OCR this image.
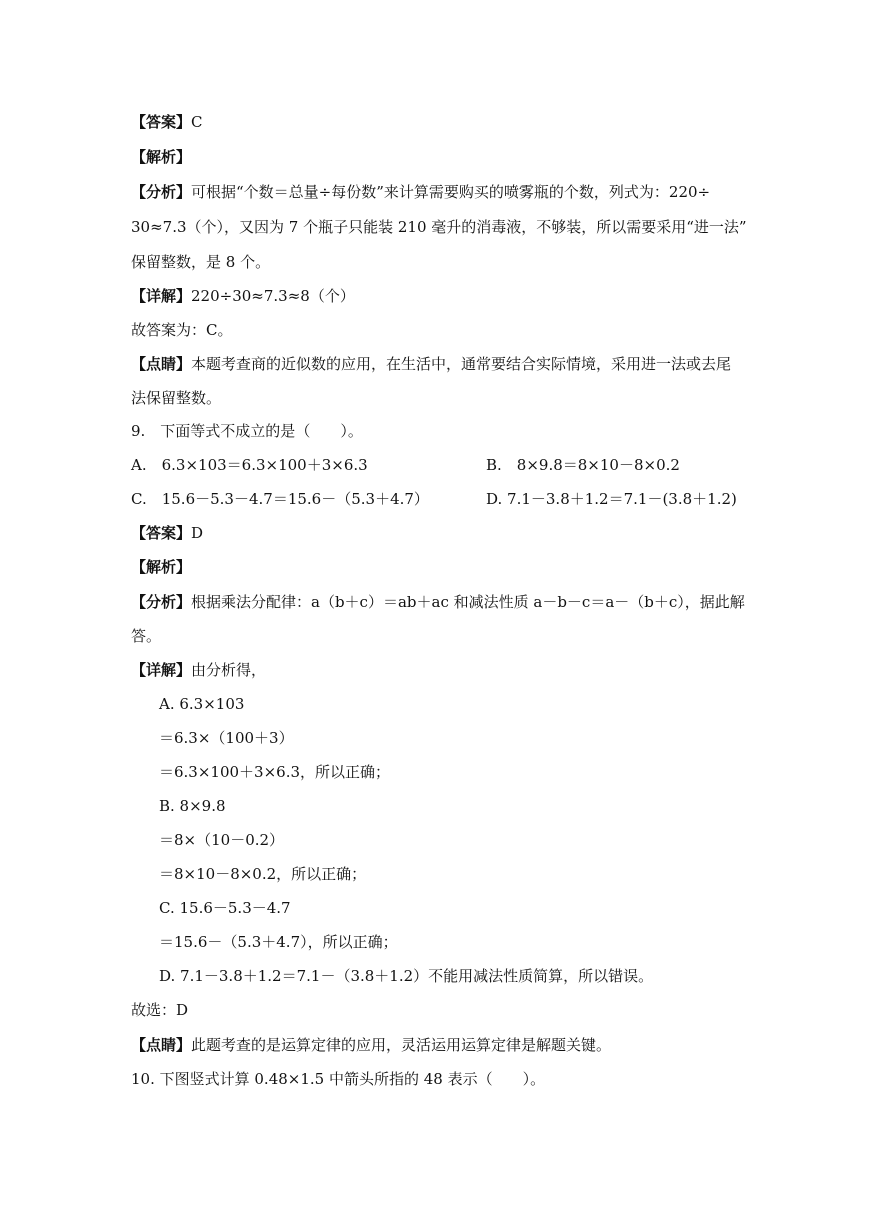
【答案】C
【解析】
【分析】可根据“个数＝总量÷每份数”来计算需要购买的喷雾瓶的个数，列式为：220÷
30≈7.3（个），又因为 7 个瓶子只能装 210 毫升的消毒液，不够装，所以需要采用“进一法”
保留整数，是 8 个。
【详解】220÷30≈7.3≈8（个）
故答案为：C。
【点睛】本题考查商的近似数的应用，在生活中，通常要结合实际情境，采用进一法或去尾
法保留整数。
9.　下面等式不成立的是（　　）。
A.　6.3×103＝6.3×100＋3×6.3	B.　8×9.8＝8×10－8×0.2
C.　15.6－5.3－4.7＝15.6－（5.3＋4.7）	D. 7.1－3.8＋1.2＝7.1－(3.8＋1.2)
【答案】D
【解析】
【分析】根据乘法分配律：a（b＋c）＝ab＋ac 和减法性质 a－b－c＝a－（b＋c），据此解
答。
【详解】由分析得，
A. 6.3×103
＝6.3×（100＋3）
＝6.3×100＋3×6.3，所以正确；
B. 8×9.8
＝8×（10－0.2）
＝8×10－8×0.2，所以正确；
C. 15.6－5.3－4.7
＝15.6－（5.3＋4.7），所以正确；
D. 7.1－3.8＋1.2＝7.1－（3.8＋1.2）不能用减法性质简算，所以错误。
故选：D
【点睛】此题考查的是运算定律的应用，灵活运用运算定律是解题关键。
10. 下图竖式计算 0.48×1.5 中箭头所指的 48 表示（　　）。
